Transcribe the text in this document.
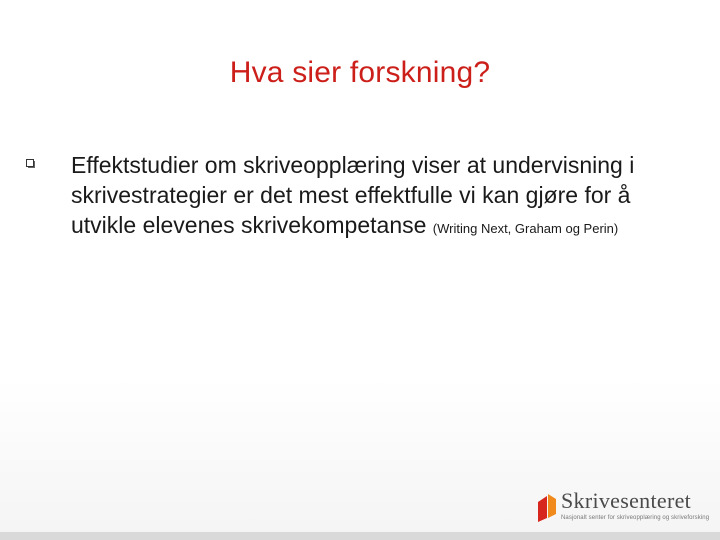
Hva sier forskning?
Effektstudier om skriveopplæring viser at undervisning i skrivestrategier er det mest effektfulle vi kan gjøre for å utvikle elevenes skrivekompetanse (Writing Next, Graham og Perin)
Skrivesenteret
Nasjonalt senter for skriveopplæring og skriveforsking
